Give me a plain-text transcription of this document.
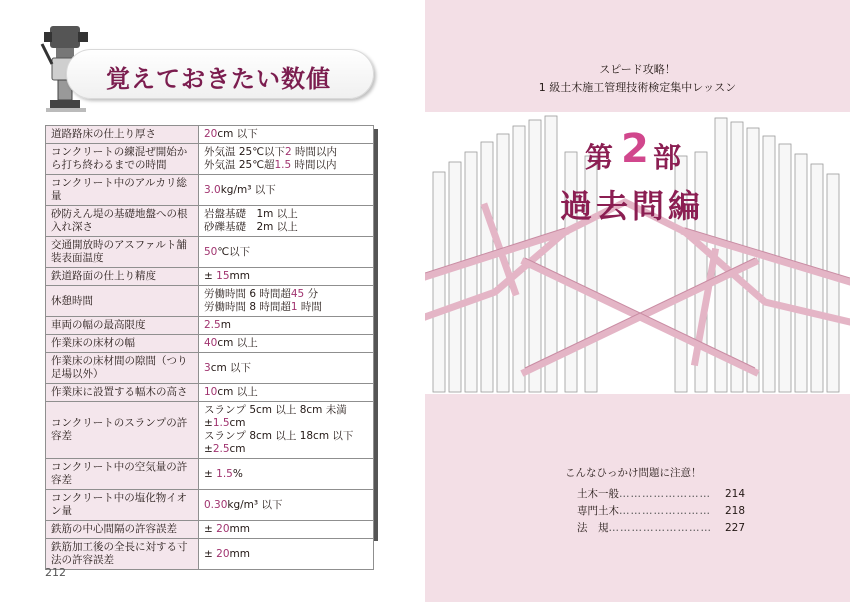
覚えておきたい数値
道路路床の仕上り厚さ	20cm 以下

コンクリートの練混ぜ開始から打ち終わるまでの時間	外気温 25℃以下2 時間以内
外気温 25℃超1.5 時間以内

コンクリート中のアルカリ総量	3.0kg/m³ 以下

砂防えん堤の基礎地盤への根入れ深さ	岩盤基礎　1m 以上
砂礫基礎　2m 以上

交通開放時のアスファルト舗装表面温度	50℃以下

鉄道路面の仕上り精度	± 15mm

休憩時間	労働時間 6 時間超45 分
労働時間 8 時間超1 時間

車両の幅の最高限度	2.5m

作業床の床材の幅	40cm 以上

作業床の床材間の隙間（つり足場以外）	3cm 以下

作業床に設置する幅木の高さ	10cm 以上

コンクリートのスランプの許容差	スランプ 5cm 以上 8cm 未満　±1.5cm
スランプ 8cm 以上 18cm 以下　±2.5cm

コンクリート中の空気量の許容差	± 1.5%

コンクリート中の塩化物イオン量	0.30kg/m³ 以下

鉄筋の中心間隔の許容誤差	± 20mm

鉄筋加工後の全長に対する寸法の許容誤差	± 20mm
212
スピード攻略！
1 級土木施工管理技術検定集中レッスン
第 2 部
過去問編
こんなひっかけ問題に注意！
土木一般 ……………………	214
専門土木 ……………………	218
法　規 ………………………	227
